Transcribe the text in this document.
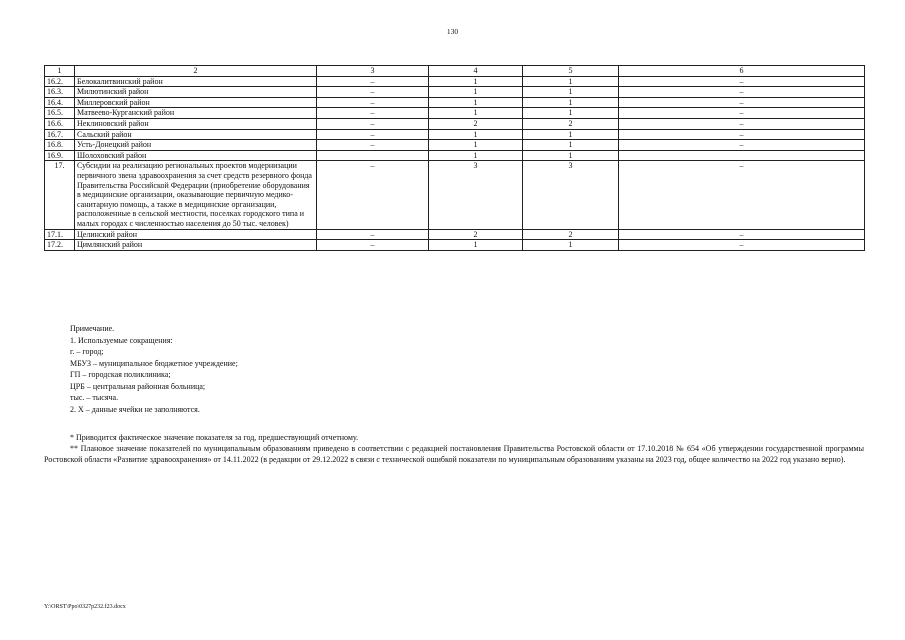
130
1	2	3	4	5	6
16.2.	Белокалитвинский район	–	1	1	–
16.3.	Милютинский район	–	1	1	–
16.4.	Миллеровский район	–	1	1	–
16.5.	Матвеево-Курганский район	–	1	1	–
16.6.	Неклиновский район	–	2	2	–
16.7.	Сальский район	–	1	1	–
16.8.	Усть-Донецкий район	–	1	1	–
16.9.	Шолоховский район		1	1	
17.	Субсидии на реализацию региональных проектов модернизации первичного звена здравоохранения за счет средств резервного фонда Правительства Российской Федерации (приобретение оборудования в медицинские организации, оказывающие первичную медико-санитарную помощь, а также в медицинские организации, расположенные в сельской местности, поселках городского типа и малых городах с численностью населения до 50 тыс. человек)	–	3	3	–
17.1.	Целинский район	–	2	2	–
17.2.	Цимлянский район	–	1	1	–
Примечание.
1. Используемые сокращения:
г. – город;
МБУЗ – муниципальное бюджетное учреждение;
ГП – городская поликлиника;
ЦРБ – центральная районная больница;
тыс. – тысяча.
2. Х – данные ячейки не заполняются.

* Приводится фактическое значение показателя за год, предшествующий отчетному.

** Плановое значение показателей по муниципальным образованиям приведено в соответствии с редакцией постановления Правительства Ростовской области от 17.10.2018 № 654 «Об утверждении государственной программы Ростовской области «Развитие здравоохранения» от 14.11.2022 (в редакции от 29.12.2022 в связи с технической ошибкой показатели по муниципальным образованиям указаны на 2023 год, общее количество на 2022 год указано верно).

Y:\ORST\Ppo\0327p232.f23.docx
